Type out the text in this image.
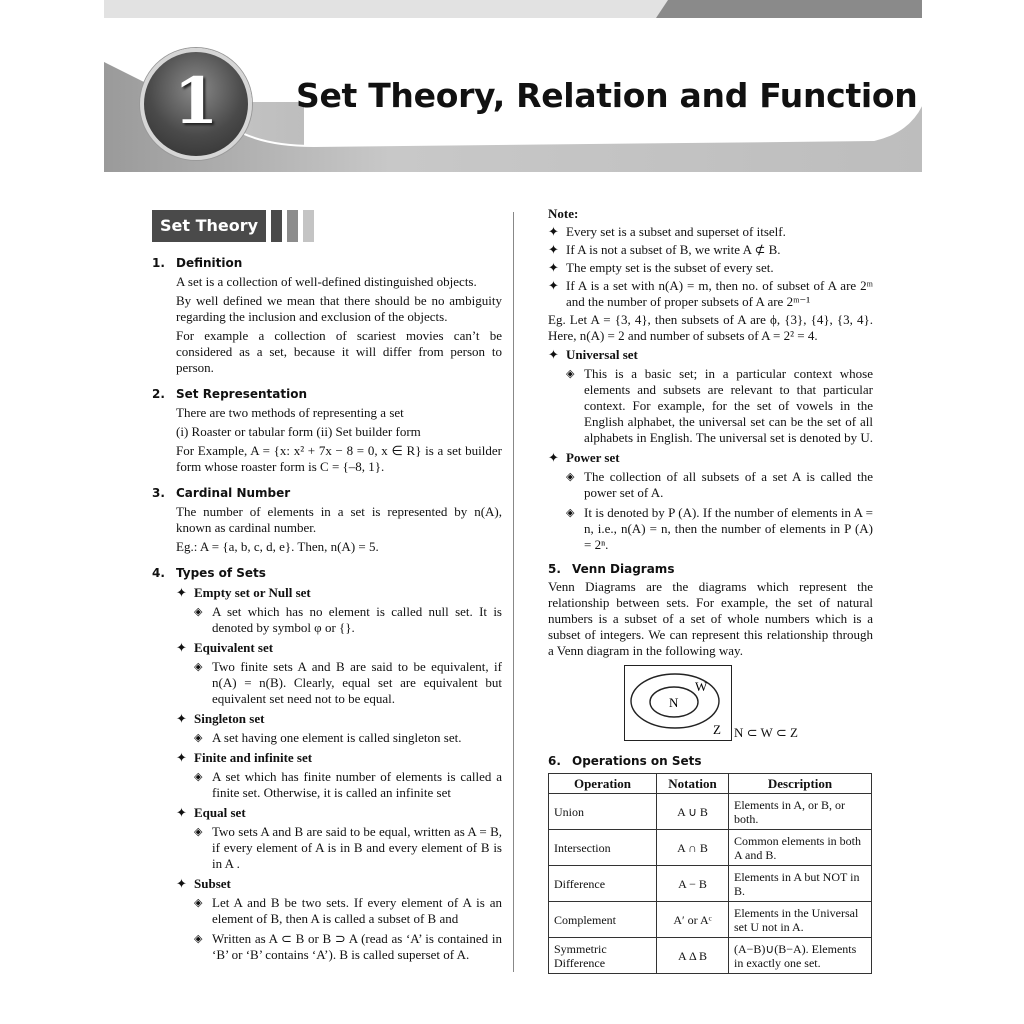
1	Set Theory, Relation and Function
Set Theory
1. Definition
A set is a collection of well-defined distinguished objects.
By well defined we mean that there should be no ambiguity regarding the inclusion and exclusion of the objects.
For example a collection of scariest movies can’t be considered as a set, because it will differ from person to person.
2. Set Representation
There are two methods of representing a set
(i) Roaster or tabular form (ii) Set builder form
For Example, A = {x: x² + 7x − 8 = 0, x ∈ R} is a set builder form whose roaster form is C = {–8, 1}.
3. Cardinal Number
The number of elements in a set is represented by n(A), known as cardinal number.
Eg.: A = {a, b, c, d, e}. Then, n(A) = 5.
4. Types of Sets
✦ Empty set or Null set
◈ A set which has no element is called null set. It is denoted by symbol φ or {}.
✦ Equivalent set
◈ Two finite sets A and B are said to be equivalent, if n(A) = n(B). Clearly, equal set are equivalent but equivalent set need not to be equal.
✦ Singleton set
◈ A set having one element is called singleton set.
✦ Finite and infinite set
◈ A set which has finite number of elements is called a finite set. Otherwise, it is called an infinite set
✦ Equal set
◈ Two sets A and B are said to be equal, written as A = B, if every element of A is in B and every element of B is in A .
✦ Subset
◈ Let A and B be two sets. If every element of A is an element of B, then A is called a subset of B and
◈ Written as A ⊂ B or B ⊃ A (read as ‘A’ is contained in ‘B’ or ‘B’ contains ‘A’). B is called superset of A.
Note:
✦ Every set is a subset and superset of itself.
✦ If A is not a subset of B, we write A ⊄ B.
✦ The empty set is the subset of every set.
✦ If A is a set with n(A) = m, then no. of subset of A are 2ᵐ and the number of proper subsets of A are 2ᵐ⁻¹
Eg. Let A = {3, 4}, then subsets of A are ϕ, {3}, {4}, {3, 4}. Here, n(A) = 2 and number of subsets of A = 2² = 4.
✦ Universal set
◈ This is a basic set; in a particular context whose elements and subsets are relevant to that particular context. For example, for the set of vowels in the English alphabet, the universal set can be the set of all alphabets in English. The universal set is denoted by U.
✦ Power set
◈ The collection of all subsets of a set A is called the power set of A.
◈ It is denoted by P (A). If the number of elements in A = n, i.e., n(A) = n, then the number of elements in P (A) = 2ⁿ.
5. Venn Diagrams
Venn Diagrams are the diagrams which represent the relationship between sets. For example, the set of natural numbers is a subset of a set of whole numbers which is a subset of integers. We can represent this relationship through a Venn diagram in the following way.
N
W
Z N ⊂ W ⊂ Z
6. Operations on Sets
Operation	Notation	Description
Union	A ∪ B	Elements in A, or B, or both.
Intersection	A ∩ B	Common elements in both A and B.
Difference	A − B	Elements in A but NOT in B.
Complement	A′ or Aᶜ	Elements in the Universal set U not in A.
Symmetric Difference	A Δ B	(A−B)∪(B−A). Elements in exactly one set.
